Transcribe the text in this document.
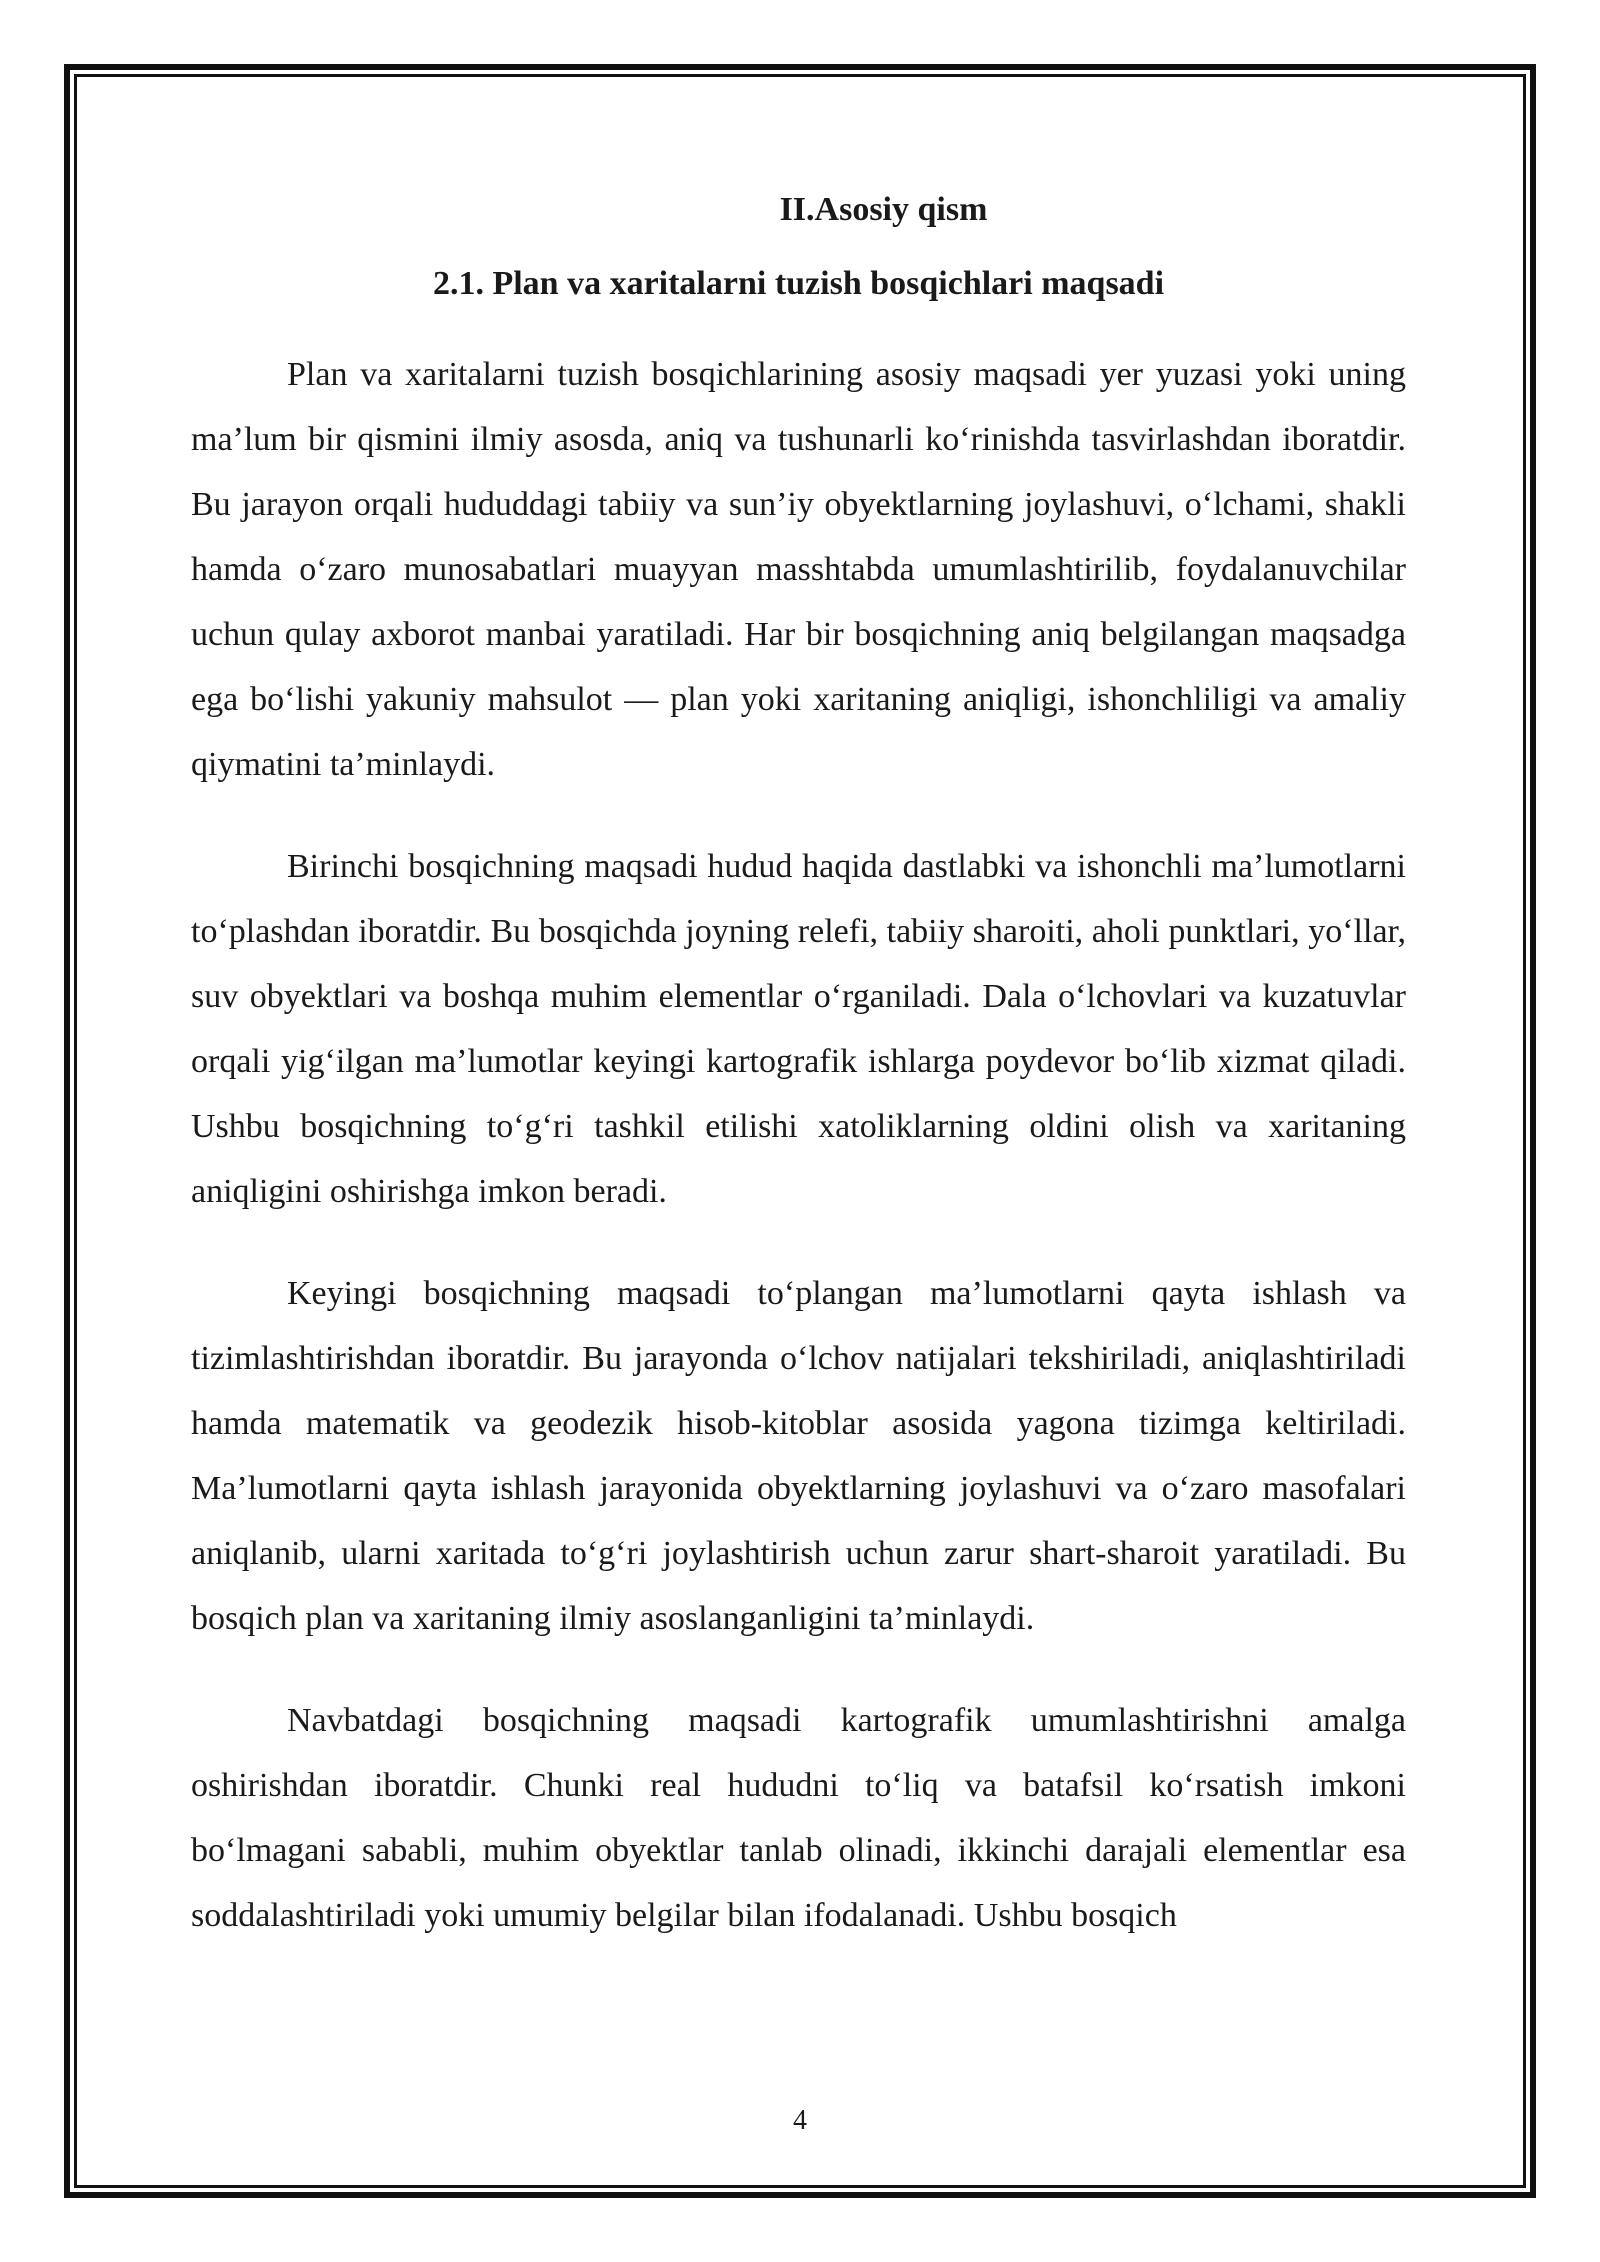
II.Asosiy qism
2.1. Plan va xaritalarni tuzish bosqichlari maqsadi

Plan va xaritalarni tuzish bosqichlarining asosiy maqsadi yer yuzasi yoki uning ma’lum bir qismini ilmiy asosda, aniq va tushunarli ko‘rinishda tasvirlashdan iboratdir. Bu jarayon orqali hududdagi tabiiy va sun’iy obyektlarning joylashuvi, o‘lchami, shakli hamda o‘zaro munosabatlari muayyan masshtabda umumlashtirilib, foydalanuvchilar uchun qulay axborot manbai yaratiladi. Har bir bosqichning aniq belgilangan maqsadga ega bo‘lishi yakuniy mahsulot — plan yoki xaritaning aniqligi, ishonchliligi va amaliy qiymatini ta’minlaydi.

Birinchi bosqichning maqsadi hudud haqida dastlabki va ishonchli ma’lumotlarni to‘plashdan iboratdir. Bu bosqichda joyning relefi, tabiiy sharoiti, aholi punktlari, yo‘llar, suv obyektlari va boshqa muhim elementlar o‘rganiladi. Dala o‘lchovlari va kuzatuvlar orqali yig‘ilgan ma’lumotlar keyingi kartografik ishlarga poydevor bo‘lib xizmat qiladi. Ushbu bosqichning to‘g‘ri tashkil etilishi xatoliklarning oldini olish va xaritaning aniqligini oshirishga imkon beradi.

Keyingi bosqichning maqsadi to‘plangan ma’lumotlarni qayta ishlash va tizimlashtirishdan iboratdir. Bu jarayonda o‘lchov natijalari tekshiriladi, aniqlashtiriladi hamda matematik va geodezik hisob-kitoblar asosida yagona tizimga keltiriladi. Ma’lumotlarni qayta ishlash jarayonida obyektlarning joylashuvi va o‘zaro masofalari aniqlanib, ularni xaritada to‘g‘ri joylashtirish uchun zarur shart-sharoit yaratiladi. Bu bosqich plan va xaritaning ilmiy asoslanganligini ta’minlaydi.

Navbatdagi bosqichning maqsadi kartografik umumlashtirishni amalga oshirishdan iboratdir. Chunki real hududni to‘liq va batafsil ko‘rsatish imkoni bo‘lmagani sababli, muhim obyektlar tanlab olinadi, ikkinchi darajali elementlar esa soddalashtiriladi yoki umumiy belgilar bilan ifodalanadi. Ushbu bosqich

4
